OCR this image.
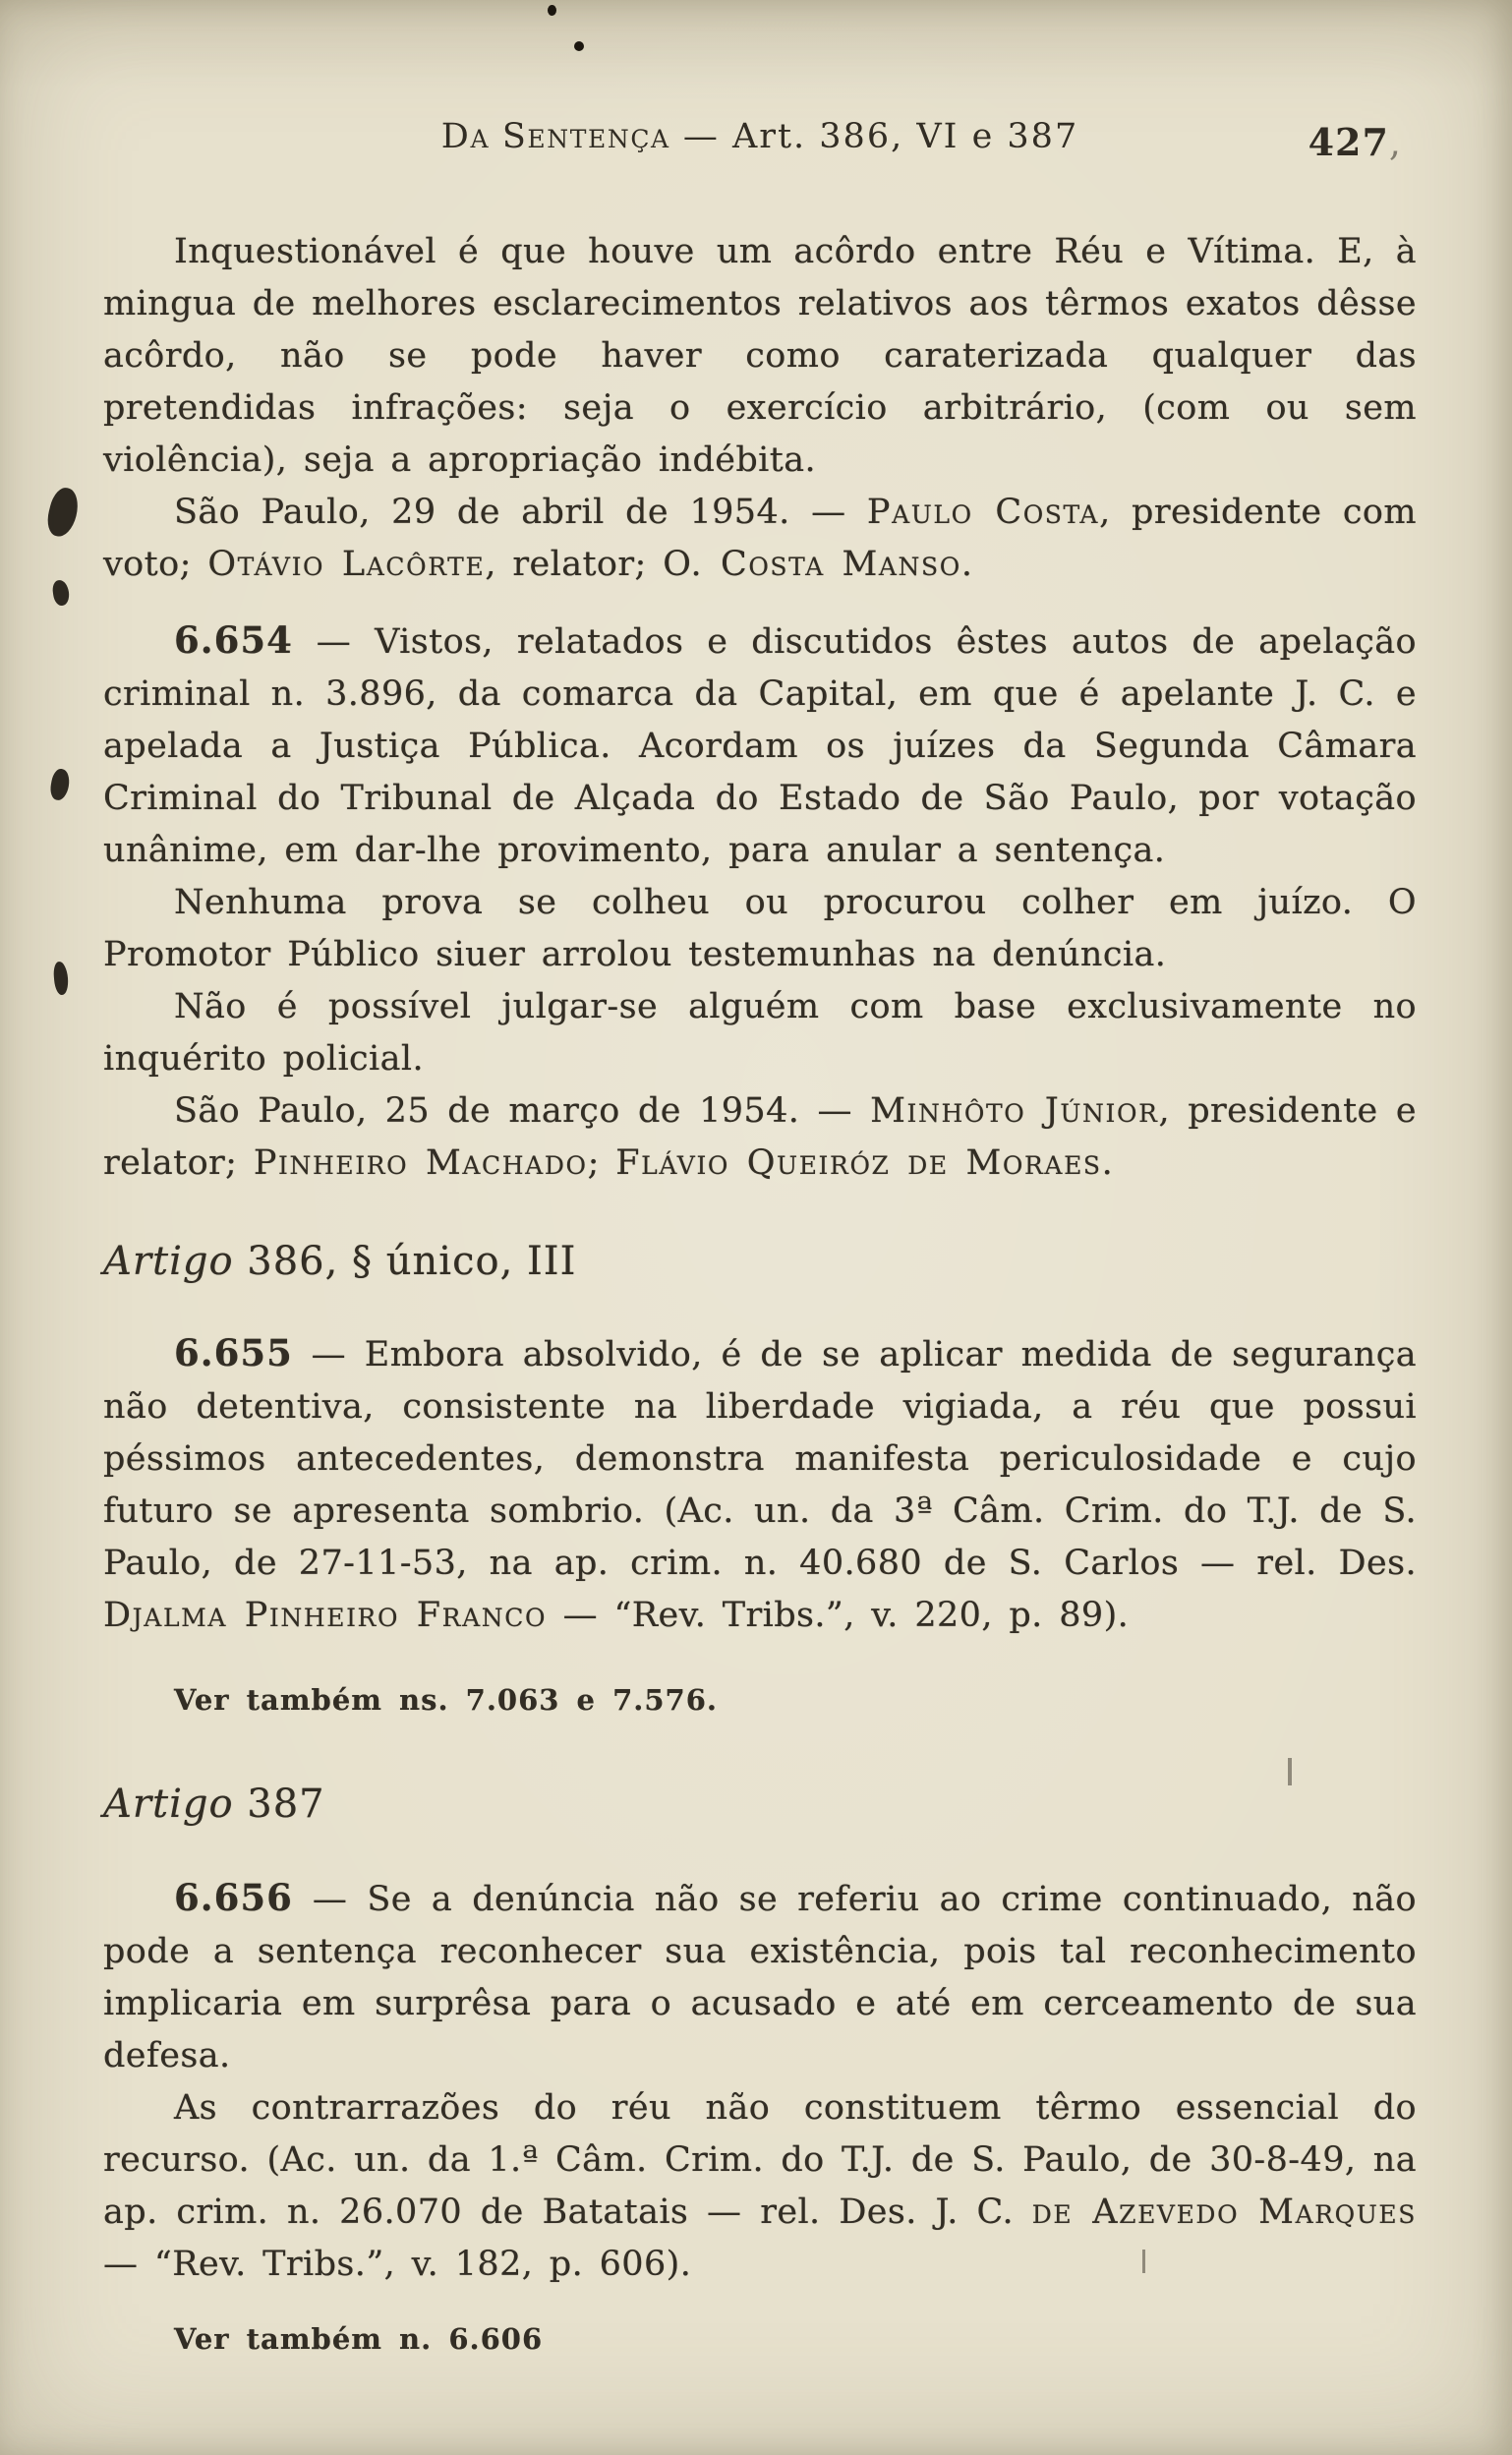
427,
Da Sentença — Art. 386, VI e 387
Inquestionável é que houve um acôrdo entre Réu e Vítima. E, à mingua de melhores esclarecimentos relativos aos têrmos exatos dêsse acôrdo, não se pode haver como caraterizada qualquer das pretendidas infrações: seja o exercício arbitrário, (com ou sem violência), seja a apropriação indébita.
São Paulo, 29 de abril de 1954. — Paulo Costa, presidente com voto; Otávio Lacôrte, relator; O. Costa Manso.
6.654 — Vistos, relatados e discutidos êstes autos de apelação criminal n. 3.896, da comarca da Capital, em que é apelante J. C. e apelada a Justiça Pública. Acordam os juízes da Segunda Câmara Criminal do Tribunal de Alçada do Estado de São Paulo, por votação unânime, em dar-lhe provimento, para anular a sentença.
Nenhuma prova se colheu ou procurou colher em juízo. O Promotor Público siuer arrolou testemunhas na denúncia.
Não é possível julgar-se alguém com base exclusivamente no inquérito policial.
São Paulo, 25 de março de 1954. — Minhôto Júnior, presidente e relator; Pinheiro Machado; Flávio Queiróz de Moraes.
Artigo 386, § único, III
6.655 — Embora absolvido, é de se aplicar medida de segurança não detentiva, consistente na liberdade vigiada, a réu que possui péssimos antecedentes, demonstra manifesta periculosidade e cujo futuro se apresenta sombrio. (Ac. un. da 3ª Câm. Crim. do T.J. de S. Paulo, de 27-11-53, na ap. crim. n. 40.680 de S. Carlos — rel. Des. Djalma Pinheiro Franco — “Rev. Tribs.”, v. 220, p. 89).
Ver também ns. 7.063 e 7.576.
Artigo 387
6.656 — Se a denúncia não se referiu ao crime continuado, não pode a sentença reconhecer sua existência, pois tal reconhecimento implicaria em surprêsa para o acusado e até em cerceamento de sua defesa.
As contrarrazões do réu não constituem têrmo essencial do recurso. (Ac. un. da 1.ª Câm. Crim. do T.J. de S. Paulo, de 30-8-49, na ap. crim. n. 26.070 de Batatais — rel. Des. J. C. de Azevedo Marques — “Rev. Tribs.”, v. 182, p. 606).
Ver também n. 6.606
